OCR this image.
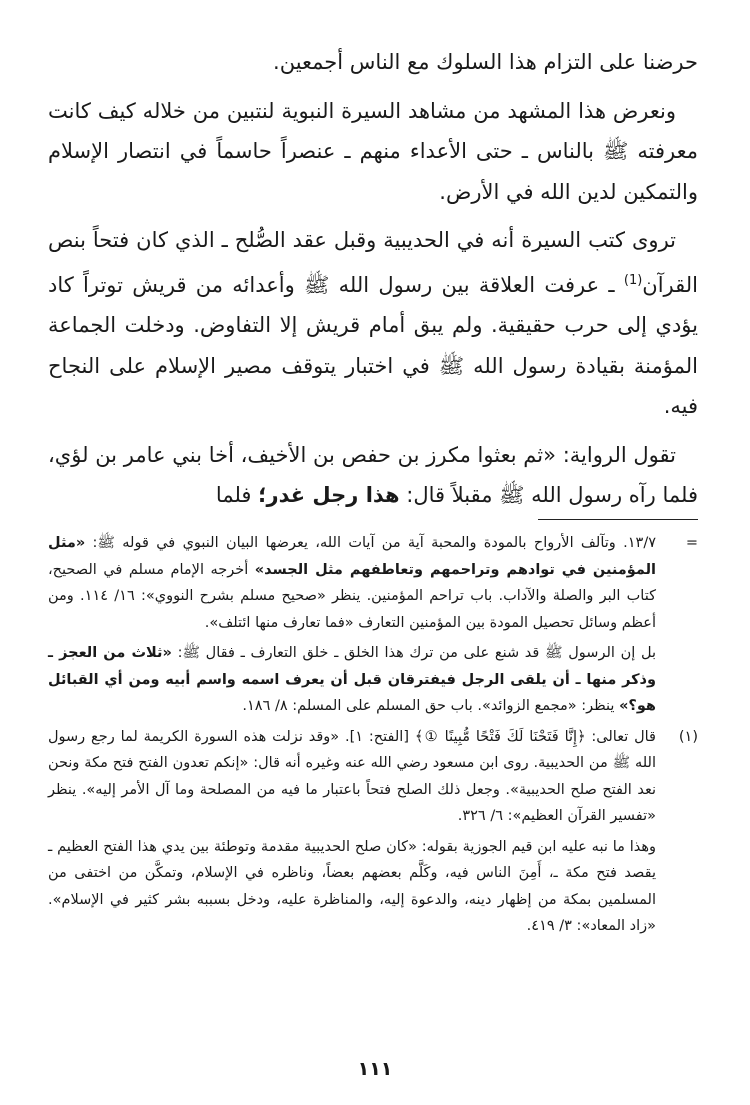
حرضنا على التزام هذا السلوك مع الناس أجمعين.

ونعرض هذا المشهد من مشاهد السيرة النبوية لنتبين من خلاله كيف كانت معرفته ﷺ بالناس ـ حتى الأعداء منهم ـ عنصراً حاسماً في انتصار الإسلام والتمكين لدين الله في الأرض.

تروى كتب السيرة أنه في الحديبية وقبل عقد الصُّلح ـ الذي كان فتحاً بنص القرآن$^{(1)}$ ـ عرفت العلاقة بين رسول الله ﷺ وأعدائه من قريش توتراً كاد يؤدي إلى حرب حقيقية. ولم يبق أمام قريش إلا التفاوض. ودخلت الجماعة المؤمنة بقيادة رسول الله ﷺ في اختبار يتوقف مصير الإسلام على النجاح فيه.

تقول الرواية: «ثم بعثوا مكرز بن حفص بن الأخيف، أخا بني عامر بن لؤي، فلما رآه رسول الله ﷺ مقبلاً قال: هذا رجل غدر؛ فلما

=
١٣/٧. وتآلف الأرواح بالمودة والمحبة آية من آيات الله، يعرضها البيان النبوي في قوله ﷺ: «مثل المؤمنين في توادهم وتراحمهم وتعاطفهم مثل الجسد» أخرجه الإمام مسلم في الصحيح، كتاب البر والصلة والآداب. باب تراحم المؤمنين. ينظر «صحيح مسلم بشرح النووي»: ١٦/ ١١٤. ومن أعظم وسائل تحصيل المودة بين المؤمنين التعارف «فما تعارف منها ائتلف».
بل إن الرسول ﷺ قد شنع على من ترك هذا الخلق ـ خلق التعارف ـ فقال ﷺ: «ثلاث من العجز ـ وذكر منها ـ أن يلقى الرجل فيفترقان قبل أن يعرف اسمه واسم أبيه ومن أي القبائل هو؟» ينظر: «مجمع الزوائد». باب حق المسلم على المسلم: ٨/ ١٨٦.
(١)
قال تعالى: ﴿إِنَّا فَتَحْنَا لَكَ فَتْحًا مُّبِينًا ①﴾ [الفتح: ١]. «وقد نزلت هذه السورة الكريمة لما رجع رسول الله ﷺ من الحديبية. روى ابن مسعود رضي الله عنه وغيره أنه قال: «إنكم تعدون الفتح فتح مكة ونحن نعد الفتح صلح الحديبية». وجعل ذلك الصلح فتحاً باعتبار ما فيه من المصلحة وما آل الأمر إليه». ينظر «تفسير القرآن العظيم»: ٦/ ٣٢٦.
وهذا ما نبه عليه ابن قيم الجوزية بقوله: «كان صلح الحديبية مقدمة وتوطئة بين يدي هذا الفتح العظيم ـ يقصد فتح مكة ـ، أَمِنَ الناس فيه، وكَلَّم بعضهم بعضاً، وناظره في الإسلام، وتمكَّن من اختفى من المسلمين بمكة من إظهار دينه، والدعوة إليه، والمناظرة عليه، ودخل بسببه بشر كثير في الإسلام». «زاد المعاد»: ٣/ ٤١٩.
١١١
